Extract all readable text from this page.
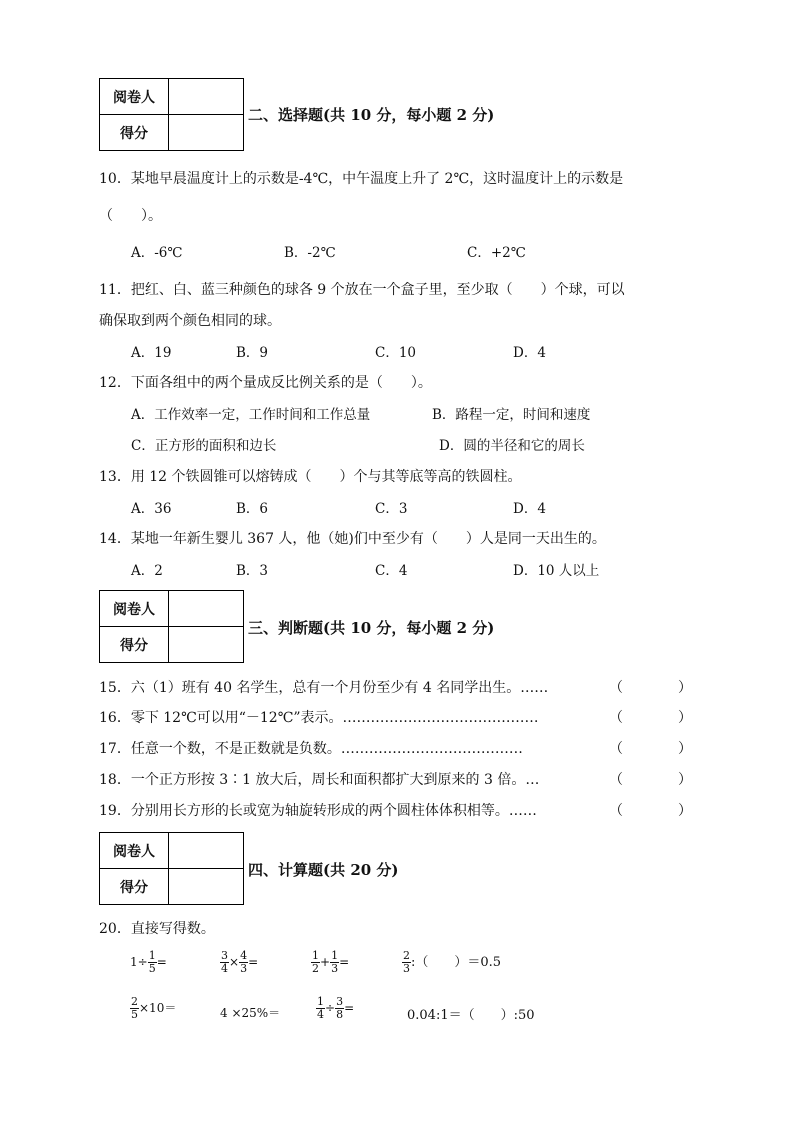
阅卷人	
得分	
二、选择题(共 10 分，每小题 2 分)
10．某地早晨温度计上的示数是-4℃，中午温度上升了 2℃，这时温度计上的示数是
（　　）。
A．-6℃	B．-2℃	C．+2℃
11．把红、白、蓝三种颜色的球各 9 个放在一个盒子里，至少取（　　）个球，可以
确保取到两个颜色相同的球。
A．19	B．9	C．10	D．4
12．下面各组中的两个量成反比例关系的是（　　）。
A．工作效率一定，工作时间和工作总量	B．路程一定，时间和速度
C．正方形的面积和边长	D．圆的半径和它的周长
13．用 12 个铁圆锥可以熔铸成（　　）个与其等底等高的铁圆柱。
A．36	B．6	C．3	D．4
14．某地一年新生婴儿 367 人，他（她)们中至少有（　　）人是同一天出生的。
A．2	B．3	C．4	D．10 人以上
阅卷人	
得分	
三、判断题(共 10 分，每小题 2 分)
15．六（1）班有 40 名学生，总有一个月份至少有 4 名同学出生。……	（	）
16．零下 12℃可以用“－12℃”表示。……………………………………	（	）
17．任意一个数，不是正数就是负数。…………………………………	（	）
18．一个正方形按 3∶1 放大后，周长和面积都扩大到原来的 3 倍。…	（	）
19．分别用长方形的长或宽为轴旋转形成的两个圆柱体体积相等。……	（	）
阅卷人	
得分	
四、计算题(共 20 分)
20．直接写得数。
$1\div \frac{1}{5}$ =	$\frac{3}{4} \times \frac{4}{3}$ =	$\frac{1}{2} + \frac{1}{3}$ =	$\frac{2}{3}$ :（　　）＝0.5
$\frac{2}{5} \times 10=$	4 ×25%＝	$\frac{1}{4} \div \frac{3}{8}$ =	0.04:1＝（　　）:50
